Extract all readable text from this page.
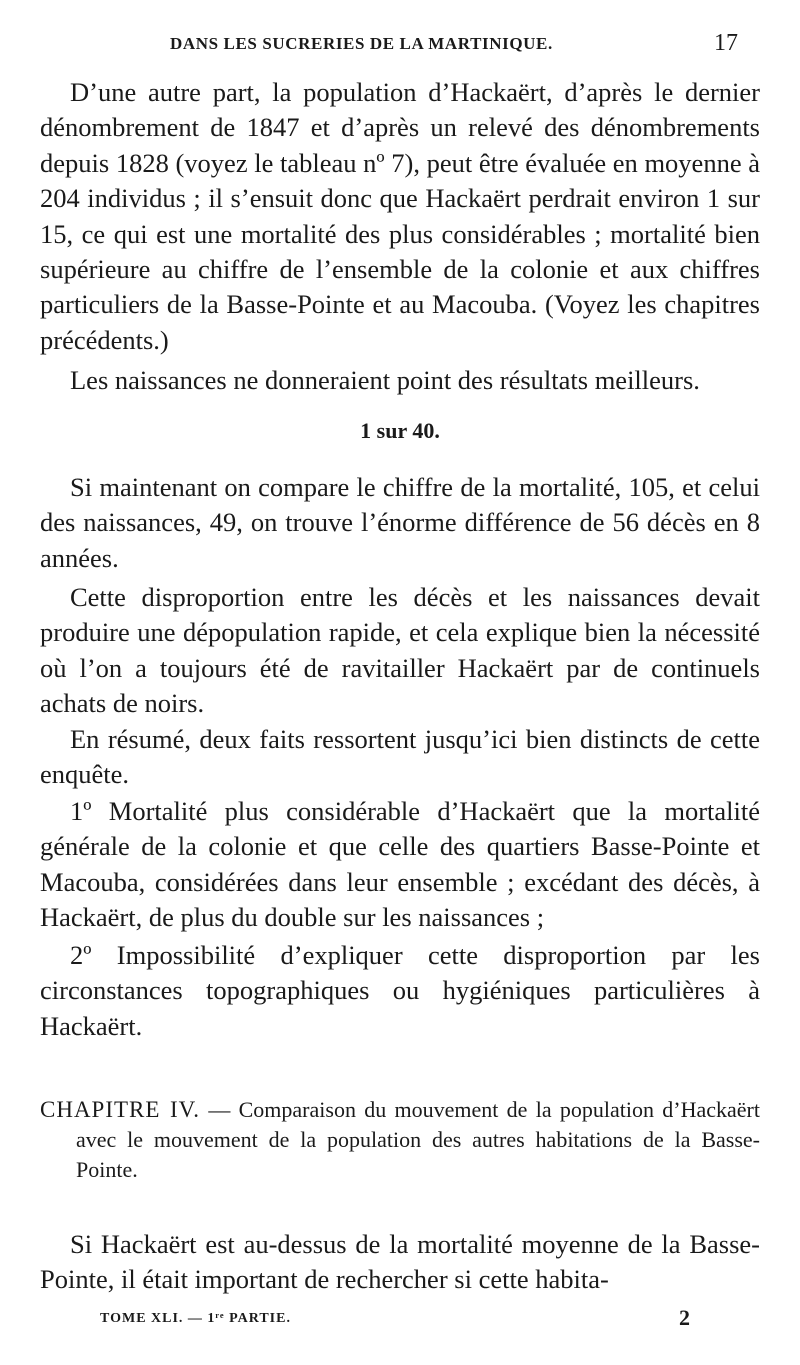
DANS LES SUCRERIES DE LA MARTINIQUE.	17

D’une autre part, la population d’Hackaërt, d’après le dernier dénombrement de 1847 et d’après un relevé des dénombrements depuis 1828 (voyez le tableau nº 7), peut être évaluée en moyenne à 204 individus ; il s’ensuit donc que Hackaërt perdrait environ 1 sur 15, ce qui est une mortalité des plus considérables ; mortalité bien supérieure au chiffre de l’ensemble de la colonie et aux chiffres particuliers de la Basse-Pointe et au Macouba. (Voyez les chapitres précédents.)

Les naissances ne donneraient point des résultats meilleurs.

1 sur 40.

Si maintenant on compare le chiffre de la mortalité, 105, et celui des naissances, 49, on trouve l’énorme différence de 56 décès en 8 années.

Cette disproportion entre les décès et les naissances devait produire une dépopulation rapide, et cela explique bien la nécessité où l’on a toujours été de ravitailler Hackaërt par de continuels achats de noirs.

En résumé, deux faits ressortent jusqu’ici bien distincts de cette enquête.

1º Mortalité plus considérable d’Hackaërt que la mortalité générale de la colonie et que celle des quartiers Basse-Pointe et Macouba, considérées dans leur ensemble ; excédant des décès, à Hackaërt, de plus du double sur les naissances ;

2º Impossibilité d’expliquer cette disproportion par les circonstances topographiques ou hygiéniques particulières à Hackaërt.

CHAPITRE IV. — Comparaison du mouvement de la population d’Hackaërt avec le mouvement de la population des autres habitations de la Basse-Pointe.

Si Hackaërt est au-dessus de la mortalité moyenne de la Basse-Pointe, il était important de rechercher si cette habita-

TOME XLI. — 1ʳᵉ PARTIE.	2
